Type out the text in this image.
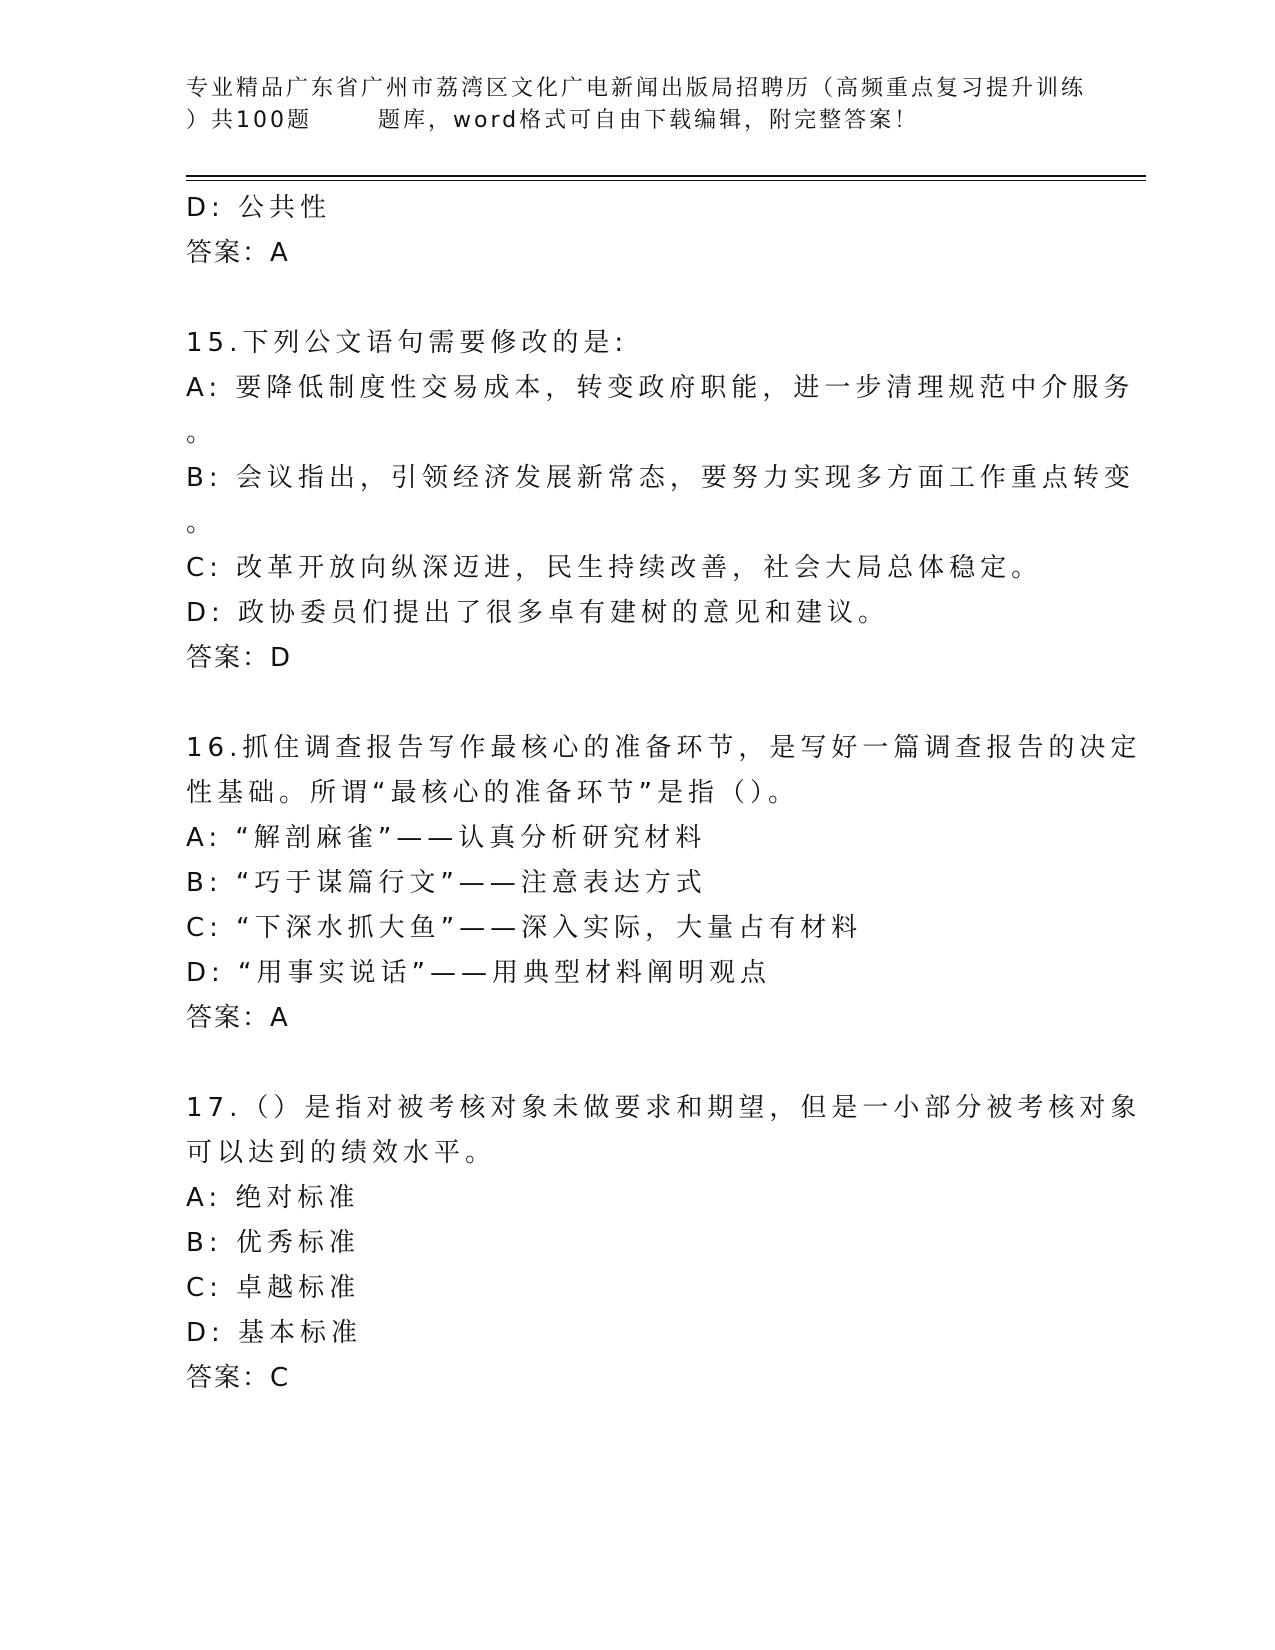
专业精品广东省广州市荔湾区文化广电新闻出版局招聘历（高频重点复习提升训练
）共100题	题库，word格式可自由下载编辑，附完整答案！
D: 公共性
答案：A
15.下列公文语句需要修改的是:
A: 要降低制度性交易成本，转变政府职能，进一步清理规范中介服务
。
B: 会议指出，引领经济发展新常态，要努力实现多方面工作重点转变
。
C: 改革开放向纵深迈进，民生持续改善，社会大局总体稳定。
D: 政协委员们提出了很多卓有建树的意见和建议。
答案：D
16.抓住调查报告写作最核心的准备环节，是写好一篇调查报告的决定
性基础。所谓“最核心的准备环节”是指（）。
A: “解剖麻雀”——认真分析研究材料
B: “巧于谋篇行文”——注意表达方式
C: “下深水抓大鱼”——深入实际，大量占有材料
D: “用事实说话”——用典型材料阐明观点
答案：A
17.（）是指对被考核对象未做要求和期望，但是一小部分被考核对象
可以达到的绩效水平。
A: 绝对标准
B: 优秀标准
C: 卓越标准
D: 基本标准
答案：C
